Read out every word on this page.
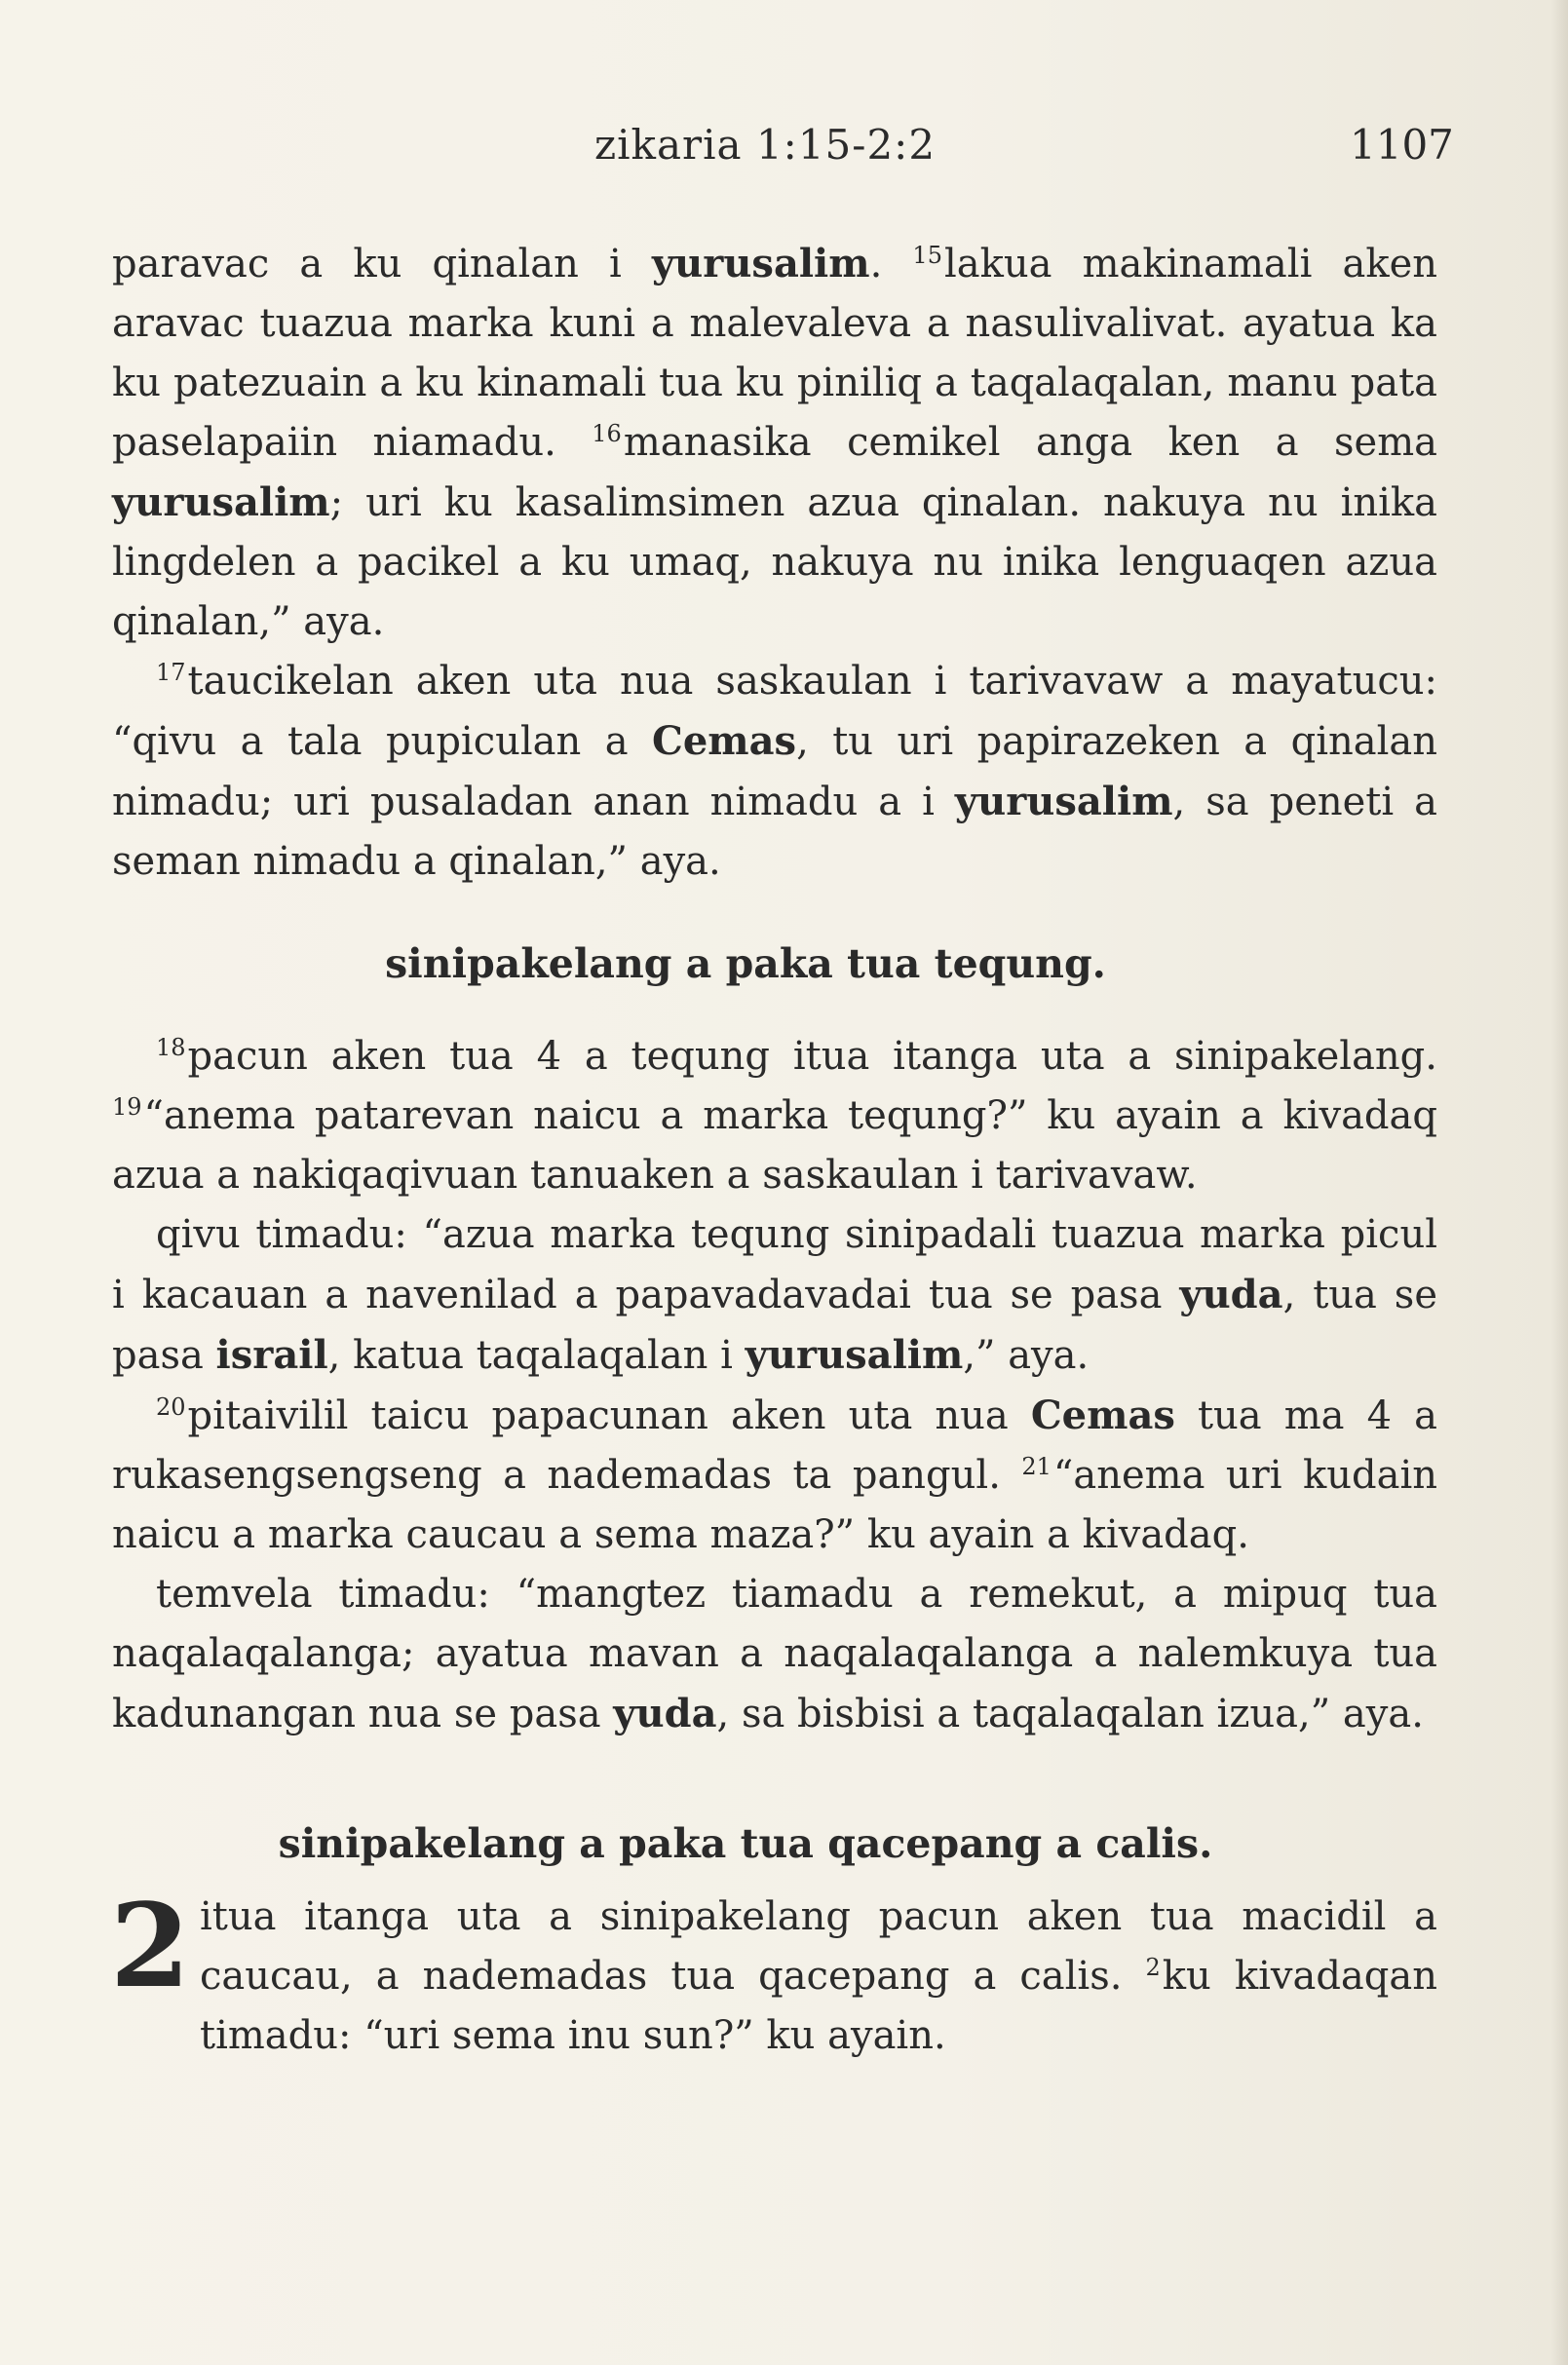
zikaria 1:15-2:2	1107

paravac a ku qinalan i yurusalim. $^{15}$lakua makinamali aken aravac tuazua marka kuni a malevaleva a nasulivalivat. ayatua ka ku patezuain a ku kinamali tua ku piniliq a taqalaqalan, manu pata paselapaiin niamadu. $^{16}$manasika cemikel anga ken a sema yurusalim; uri ku kasalimsimen azua qinalan. nakuya nu inika lingdelen a pacikel a ku umaq, nakuya nu inika lenguaqen azua qinalan,” aya.

$^{17}$taucikelan aken uta nua saskaulan i tarivavaw a mayatucu: “qivu a tala pupiculan a Cemas, tu uri papirazeken a qinalan nimadu; uri pusaladan anan nimadu a i yurusalim, sa peneti a seman nimadu a qinalan,” aya.

sinipakelang a paka tua tequng.

$^{18}$pacun aken tua 4 a tequng itua itanga uta a sinipakelang. $^{19}$“anema patarevan naicu a marka tequng?” ku ayain a kivadaq azua a nakiqaqivuan tanuaken a saskaulan i tarivavaw.

qivu timadu: “azua marka tequng sinipadali tuazua marka picul i kacauan a navenilad a papavadavadai tua se pasa yuda, tua se pasa israil, katua taqalaqalan i yurusalim,” aya.

$^{20}$pitaivilil taicu papacunan aken uta nua Cemas tua ma 4 a rukasengsengseng a nademadas ta pangul. $^{21}$“anema uri kudain naicu a marka caucau a sema maza?” ku ayain a kivadaq.

temvela timadu: “mangtez tiamadu a remekut, a mipuq tua naqalaqalanga; ayatua mavan a naqalaqalanga a nalemkuya tua kadunangan nua se pasa yuda, sa bisbisi a taqalaqalan izua,” aya.

sinipakelang a paka tua qacepang a calis.
2 itua itanga uta a sinipakelang pacun aken tua macidil a caucau, a nademadas tua qacepang a calis. $^2$ku kivadaqan timadu: “uri sema inu sun?” ku ayain.
